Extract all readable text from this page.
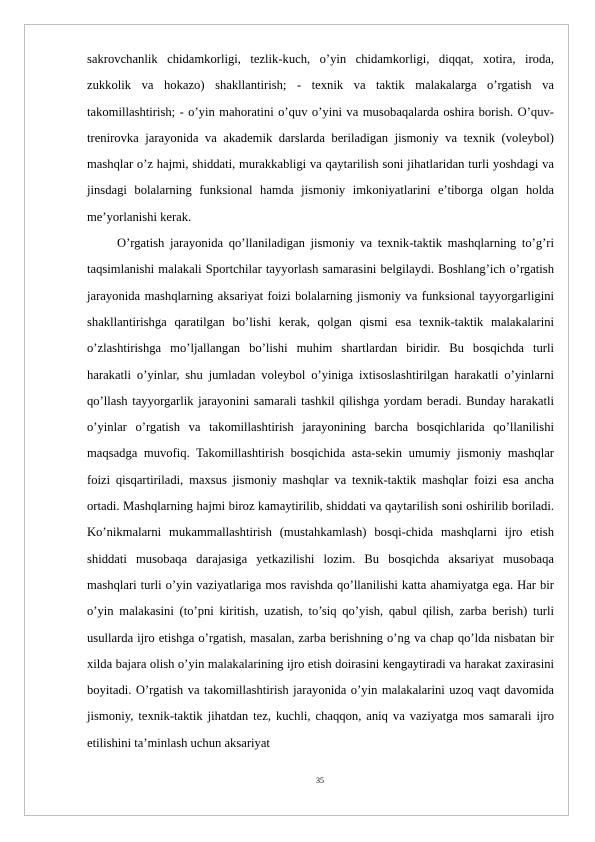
sakrovchanlik chidamkorligi, tezlik-kuch, o’yin chidamkorligi, diqqat, xotira, iroda, zukkolik va hokazo) shakllantirish; - texnik va taktik malakalarga o’rgatish va takomillashtirish; - o’yin mahoratini o’quv o’yini va musobaqalarda oshira borish. O’quv-trenirovka jarayonida va akademik darslarda beriladigan jismoniy va texnik (voleybol) mashqlar o’z hajmi, shiddati, murakkabligi va qaytarilish soni jihatlaridan turli yoshdagi va jinsdagi bolalarning funksional hamda jismoniy imkoniyatlarini e’tiborga olgan holda me’yorlanishi kerak.

O’rgatish jarayonida qo’llaniladigan jismoniy va texnik-taktik mashqlarning to’g’ri taqsimlanishi malakali Sportchilar tayyorlash samarasini belgilaydi. Boshlang’ich o’rgatish jarayonida mashqlarning aksariyat foizi bolalarning jismoniy va funksional tayyorgarligini shakllantirishga qaratilgan bo’lishi kerak, qolgan qismi esa texnik-taktik malakalarini o’zlashtirishga mo’ljallangan bo’lishi muhim shartlardan biridir. Bu bosqichda turli harakatli o’yinlar, shu jumladan voleybol o’yiniga ixtisoslashtirilgan harakatli o’yinlarni qo’llash tayyorgarlik jarayonini samarali tashkil qilishga yordam beradi. Bunday harakatli o’yinlar o’rgatish va takomillashtirish jarayonining barcha bosqichlarida qo’llanilishi maqsadga muvofiq. Takomillashtirish bosqichida asta-sekin umumiy jismoniy mashqlar foizi qisqartiriladi, maxsus jismoniy mashqlar va texnik-taktik mashqlar foizi esa ancha ortadi. Mashqlarning hajmi biroz kamaytirilib, shiddati va qaytarilish soni oshirilib boriladi. Ko’nikmalarni mukammallashtirish (mustahkamlash) bosqi-chida mashqlarni ijro etish shiddati musobaqa darajasiga yetkazilishi lozim. Bu bosqichda aksariyat musobaqa mashqlari turli o’yin vaziyatlariga mos ravishda qo’llanilishi katta ahamiyatga ega. Har bir o’yin malakasini (to’pni kiritish, uzatish, to’siq qo’yish, qabul qilish, zarba berish) turli usullarda ijro etishga o’rgatish, masalan, zarba berishning o’ng va chap qo’lda nisbatan bir xilda bajara olish o’yin malakalarining ijro etish doirasini kengaytiradi va harakat zaxirasini boyitadi. O’rgatish va takomillashtirish jarayonida o’yin malakalarini uzoq vaqt davomida jismoniy, texnik-taktik jihatdan tez, kuchli, chaqqon, aniq va vaziyatga mos samarali ijro etilishini ta’minlash uchun aksariyat

35
